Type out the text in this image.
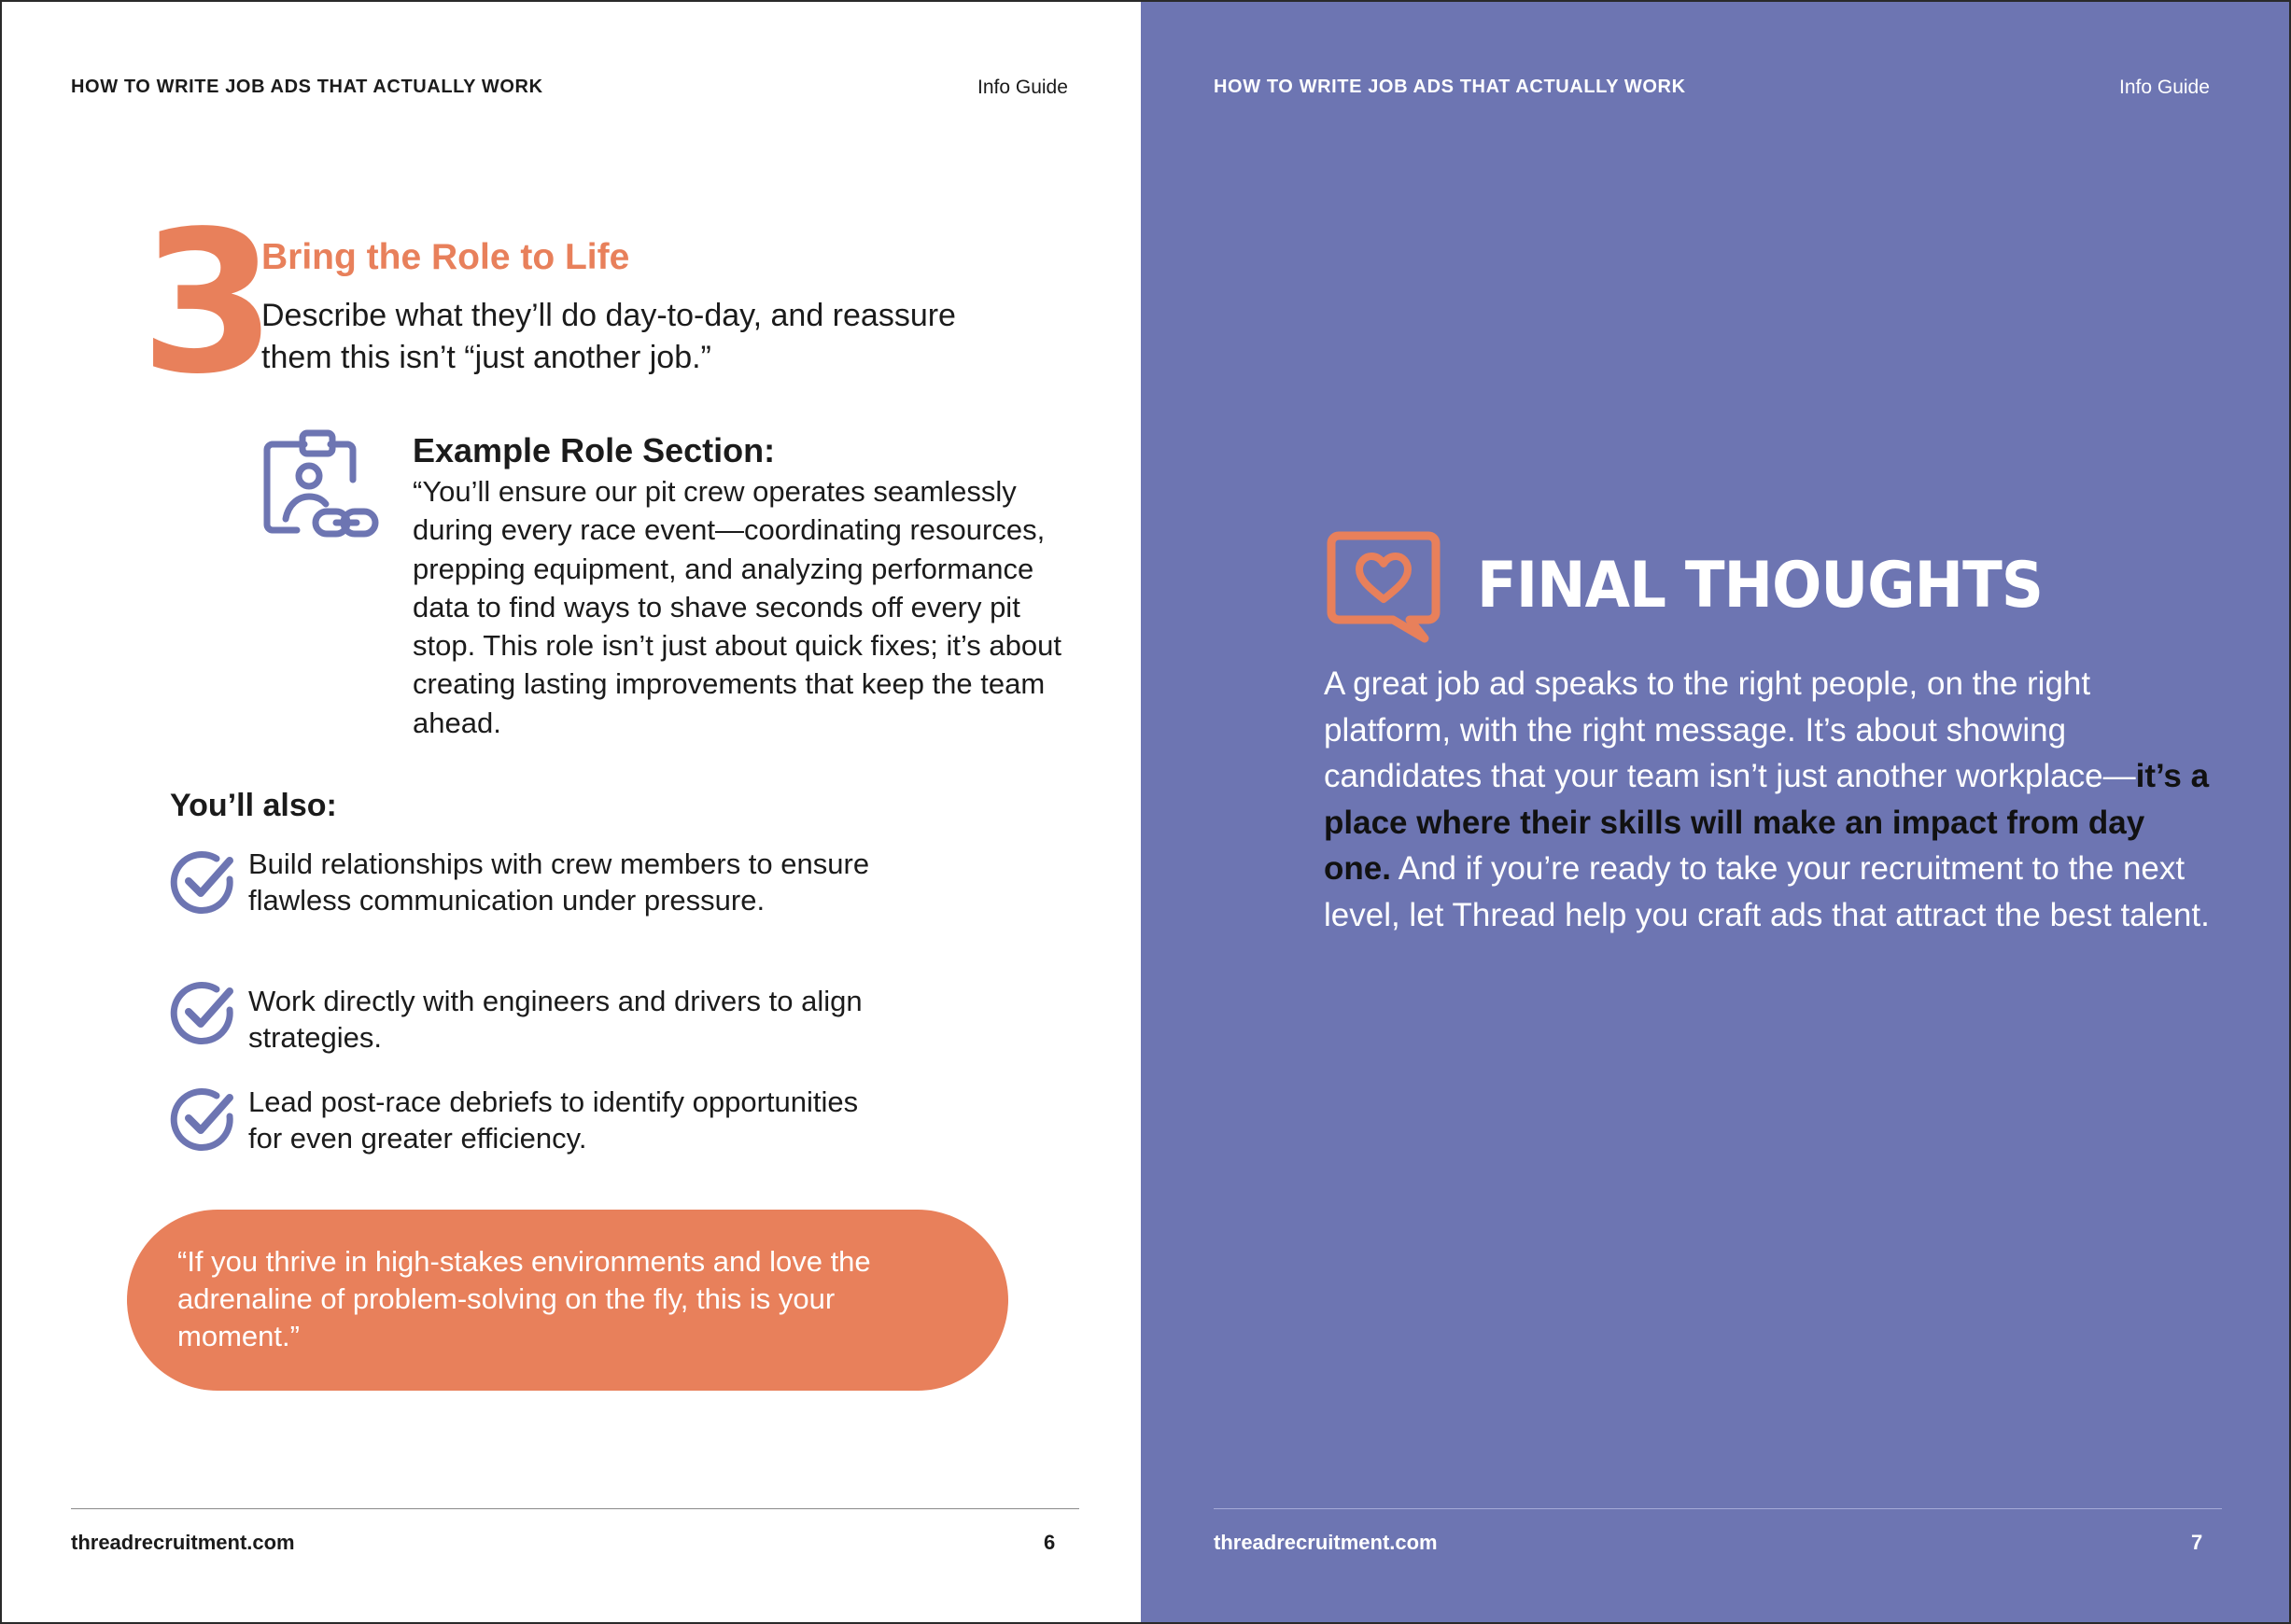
HOW TO WRITE JOB ADS THAT ACTUALLY WORK	Info Guide
3
Bring the Role to Life
Describe what they’ll do day-to-day, and reassure them this isn’t “just another job.”
Example Role Section:
“You’ll ensure our pit crew operates seamlessly during every race event—coordinating resources, prepping equipment, and analyzing performance data to find ways to shave seconds off every pit stop. This role isn’t just about quick fixes; it’s about creating lasting improvements that keep the team ahead.
You’ll also:
Build relationships with crew members to ensure flawless communication under pressure.
Work directly with engineers and drivers to align strategies.
Lead post-race debriefs to identify opportunities for even greater efficiency.
“If you thrive in high-stakes environments and love the adrenaline of problem-solving on the fly, this is your moment.”
threadrecruitment.com	6
HOW TO WRITE JOB ADS THAT ACTUALLY WORK	Info Guide
threadrecruitment.com	7
FINAL THOUGHTS
A great job ad speaks to the right people, on the right platform, with the right message. It’s about showing candidates that your team isn’t just another workplace—it’s a place where their skills will make an impact from day one. And if you’re ready to take your recruitment to the next level, let Thread help you craft ads that attract the best talent.
